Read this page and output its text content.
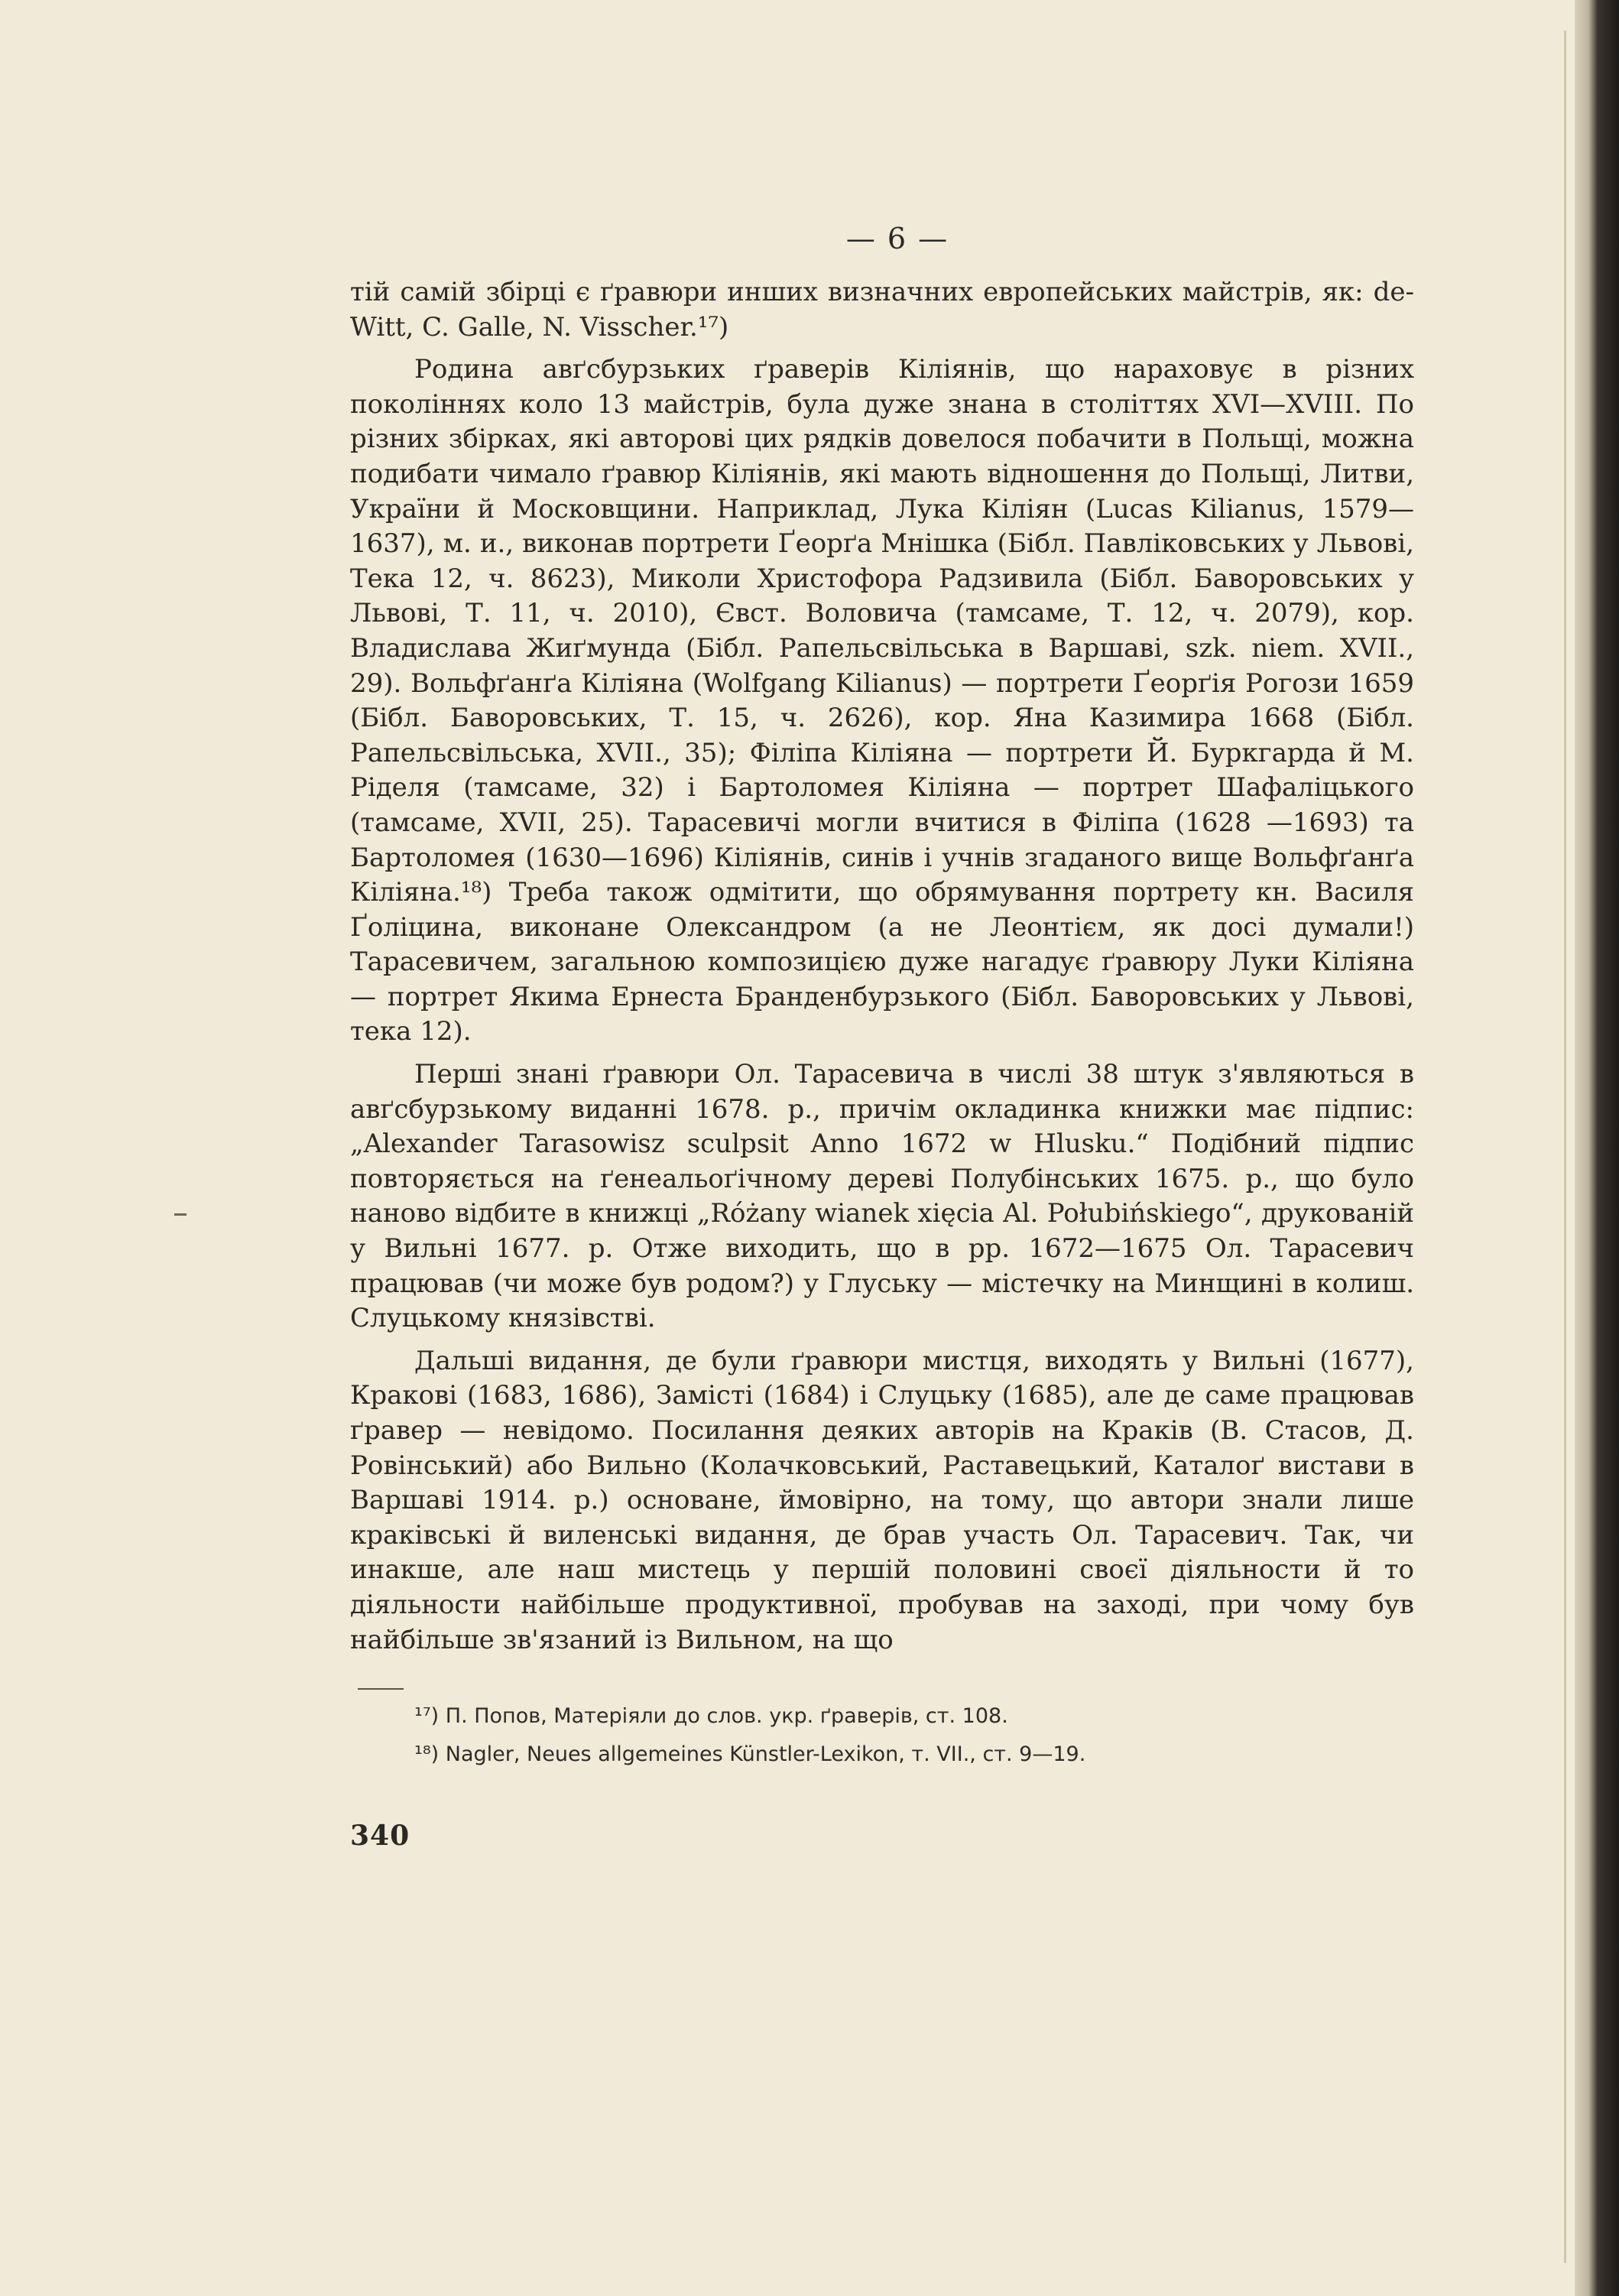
— 6 —

тій самій збірці є ґравюри инших визначних европейських майстрів, як: de-Witt, C. Galle, N. Visscher.¹⁷)

Родина авґсбурзьких ґраверів Кіліянів, що нараховує в різних поколіннях коло 13 майстрів, була дуже знана в століттях XVI—XVIII. По різних збірках, які авторові цих рядків довелося побачити в Польщі, можна подибати чимало ґравюр Кіліянів, які мають відношення до Польщі, Литви, України й Московщини. Наприклад, Лука Кіліян (Lucas Kilianus, 1579—1637), м. и., виконав портрети Ґеорґа Мнішка (Бібл. Павліковських у Львові, Тека 12, ч. 8623), Миколи Христофора Радзивила (Бібл. Баворовських у Львові, Т. 11, ч. 2010), Євст. Воловича (тамсаме, Т. 12, ч. 2079), кор. Владислава Жиґмунда (Бібл. Рапельсвільська в Варшаві, szk. niem. XVII., 29). Вольфґанґа Кіліяна (Wolfgang Kilianus) — портрети Ґеорґія Рогози 1659 (Бібл. Баворовських, Т. 15, ч. 2626), кор. Яна Казимира 1668 (Бібл. Рапельсвільська, XVII., 35); Філіпа Кіліяна — портрети Й. Буркгарда й М. Ріделя (тамсаме, 32) і Бартоломея Кіліяна — портрет Шафаліцького (тамсаме, XVII, 25). Тарасевичі могли вчитися в Філіпа (1628 —1693) та Бартоломея (1630—1696) Кіліянів, синів і учнів згаданого вище Вольфґанґа Кіліяна.¹⁸) Треба також одмітити, що обрямування портрету кн. Василя Ґоліцина, виконане Олександром (а не Леонтієм, як досі думали!) Тарасевичем, загальною композицією дуже нагадує ґравюру Луки Кіліяна — портрет Якима Ернеста Бранденбурзького (Бібл. Баворовських у Львові, тека 12).

Перші знані ґравюри Ол. Тарасевича в числі 38 штук з'являються в авґсбурзькому виданні 1678. р., причім окладинка книжки має підпис: „Alexander Tarasowisz sculpsit Anno 1672 w Hlusku.“ Подібний підпис повторяється на ґенеальоґічному дереві Полубінських 1675. р., що було наново відбите в книжці „Różany wianek xięcia Al. Połubińskiego“, друкованій у Вильні 1677. р. Отже виходить, що в рр. 1672—1675 Ол. Тарасевич працював (чи може був родом?) у Глуську — містечку на Минщині в колиш. Слуцькому князівстві.

Дальші видання, де були ґравюри мистця, виходять у Вильні (1677), Кракові (1683, 1686), Замісті (1684) і Слуцьку (1685), але де саме працював ґравер — невідомо. Посилання деяких авторів на Краків (В. Стасов, Д. Ровінський) або Вильно (Колачковський, Раставецький, Каталоґ вистави в Варшаві 1914. р.) основане, ймовірно, на тому, що автори знали лише краківські й виленські видання, де брав участь Ол. Тарасевич. Так, чи инакше, але наш мистець у першій половині своєї діяльности й то діяльности найбільше продуктивної, пробував на заході, при чому був найбільше зв'язаний із Вильном, на що

¹⁷) П. Попов, Матеріяли до слов. укр. ґраверів, ст. 108.

¹⁸) Nagler, Neues allgemeines Künstler-Lexikon, т. VII., ст. 9—19.

340
